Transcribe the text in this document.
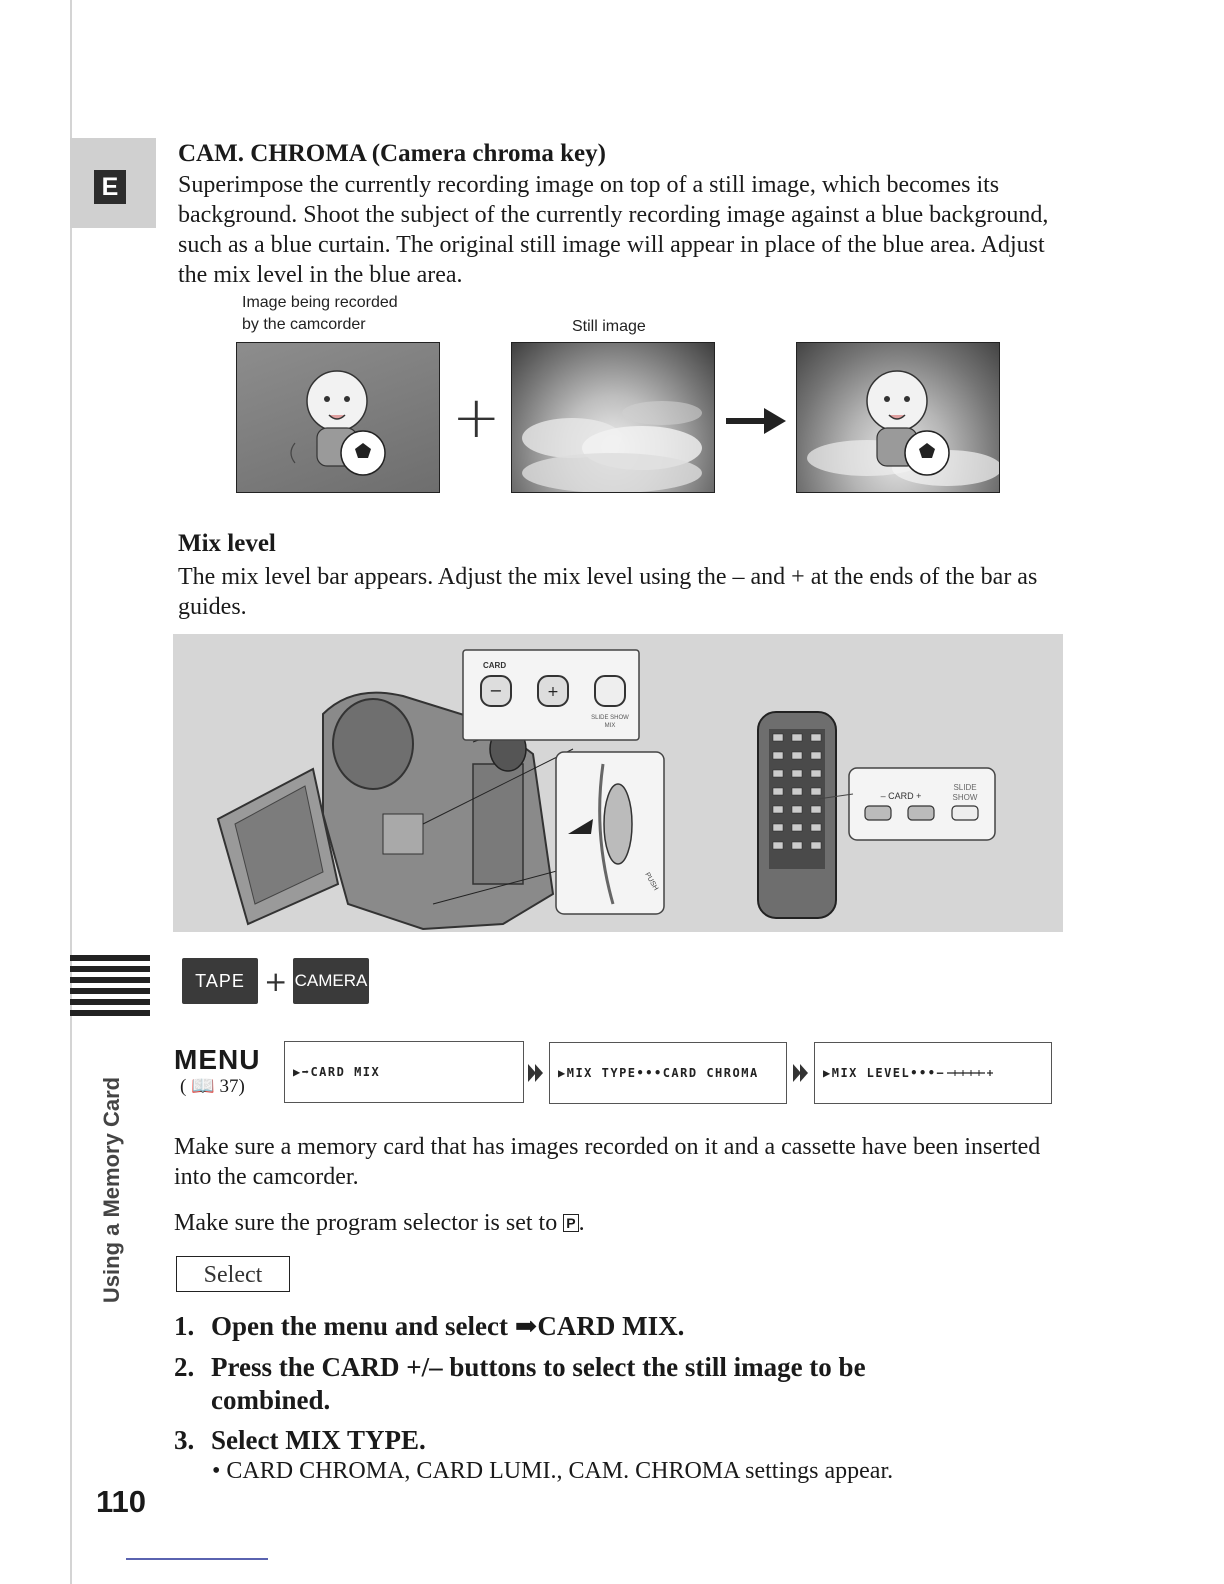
E
CAM. CHROMA (Camera chroma key)
Superimpose the currently recording image on top of a still image, which becomes its background. Shoot the subject of the currently recording image against a blue background, such as a blue curtain. The original still image will appear in place of the blue area. Adjust the mix level in the blue area.
Image being recorded
by the camcorder	Still image
+
Mix level
The mix level bar appears. Adjust the mix level using the – and + at the ends of the bar as guides.
CARD
−	+
SLIDE SHOW
MIX
PUSH
– CARD +
SLIDE
SHOW
Using a Memory Card
TAPE + CAMERA
MENU
( 📖 37)
▶➡CARD MIX	▶MIX TYPE•••CARD CHROMA	▶MIX LEVEL•••−
Make sure a memory card that has images recorded on it and a cassette have been inserted into the camcorder.
Make sure the program selector is set to P .
Select
1. Open the menu and select ➡CARD MIX.
2. Press the CARD +/– buttons to select the still image to be
combined.
3. Select MIX TYPE.
• CARD CHROMA, CARD LUMI., CAM. CHROMA settings appear.
110
